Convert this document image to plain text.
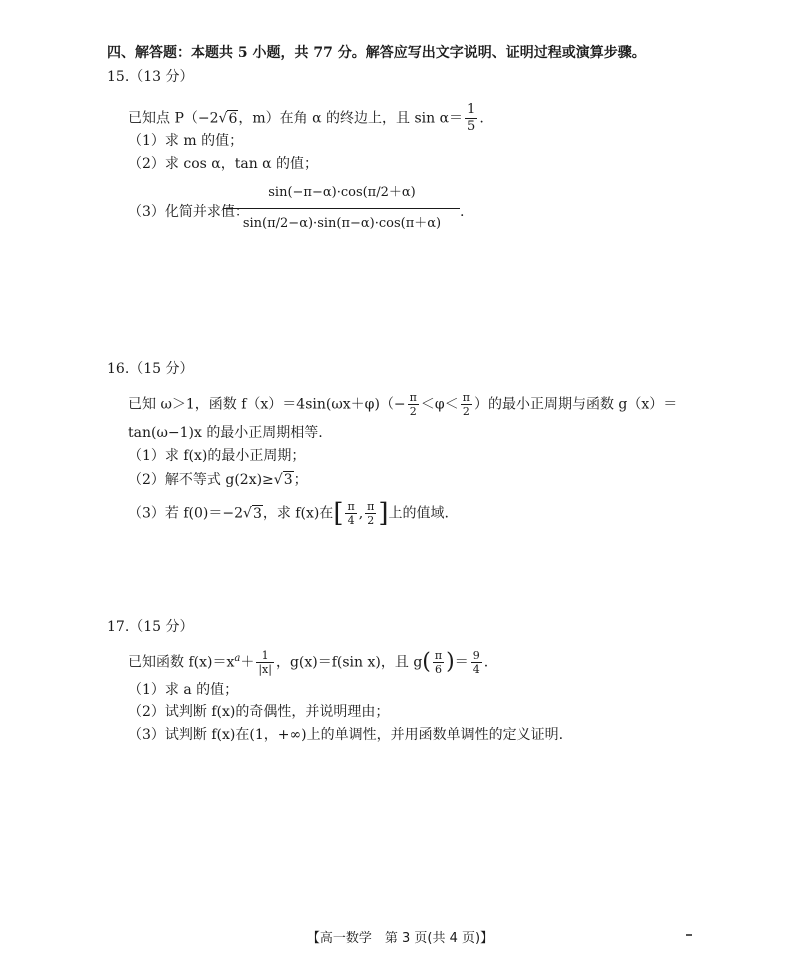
四、解答题：本题共 5 小题，共 77 分。解答应写出文字说明、证明过程或演算步骤。
15.（13 分）
已知点 P（−2√6，m）在角 α 的终边上，且 $\sin \alpha= \frac{1}{5}$ .
（1）求 m 的值；
（2）求 cos α，tan α 的值；
（3）化简并求值：
$\frac{\sin(-\pi-\alpha)\cdot\cos(\pi/2+\alpha)}{\sin(\pi/2-\alpha)\cdot\sin(\pi-\alpha)\cdot\cos(\pi+\alpha)}$ .
16.（15 分）
已知 ω＞1，函数 $f(x)=4\sin(\omega x+\varphi)(- \frac{\pi}{2} <\varphi< \frac{\pi}{2}$ ）的最小正周期与函数 g（x）＝
tan(ω−1)x 的最小正周期相等.
（1）求 f(x)的最小正周期；
（2）解不等式 g(2x)≥√3；
（3）若 f(0)＝−2√3，求 f(x)在[ $\frac{\pi}{4}$ , $\frac{\pi}{2}$ ]上的值域.
17.（15 分）
已知函数 $f(x)=x^a+ \frac{1}{|x|}$ ，g(x)＝f(sin x)，且 $g( \frac{\pi}{6}$ )＝ $\frac{9}{4}$ .
（1）求 a 的值；
（2）试判断 f(x)的奇偶性，并说明理由；
（3）试判断 f(x)在(1，+∞)上的单调性，并用函数单调性的定义证明.
【高一数学　第 3 页(共 4 页)】
